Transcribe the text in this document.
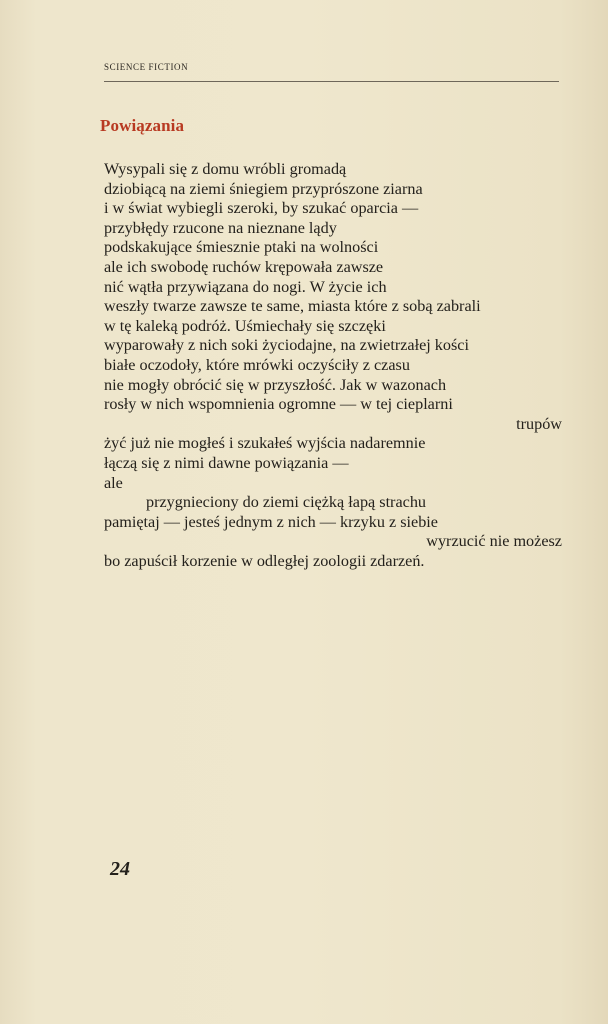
SCIENCE FICTION
Powiązania
Wysypali się z domu wróbli gromadą
dziobiącą na ziemi śniegiem przyprószone ziarna
i w świat wybiegli szeroki, by szukać oparcia —
przybłędy rzucone na nieznane lądy
podskakujące śmiesznie ptaki na wolności
ale ich swobodę ruchów krępowała zawsze
nić wątła przywiązana do nogi. W życie ich
weszły twarze zawsze te same, miasta które z sobą zabrali
w tę kaleką podróż. Uśmiechały się szczęki
wyparowały z nich soki życiodajne, na zwietrzałej kości
białe oczodoły, które mrówki oczyściły z czasu
nie mogły obrócić się w przyszłość. Jak w wazonach
rosły w nich wspomnienia ogromne — w tej cieplarni
trupów
żyć już nie mogłeś i szukałeś wyjścia nadaremnie
łączą się z nimi dawne powiązania —
ale
przygnieciony do ziemi ciężką łapą strachu
pamiętaj — jesteś jednym z nich — krzyku z siebie
wyrzucić nie możesz
bo zapuścił korzenie w odległej zoologii zdarzeń.
24
